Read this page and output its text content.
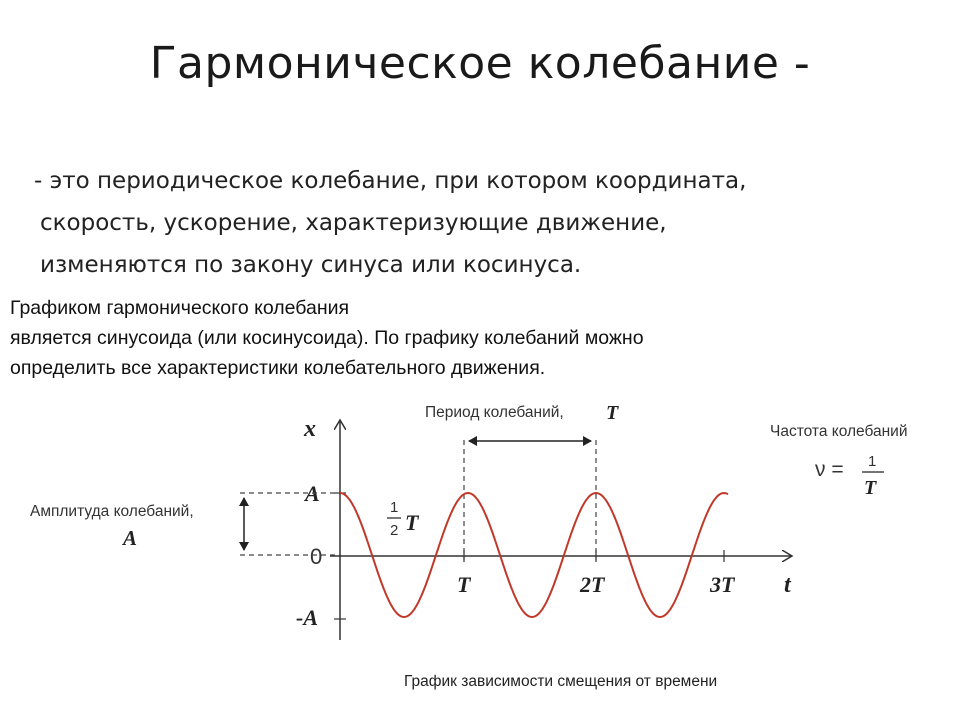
Гармоническое колебание -
- это периодическое колебание, при котором координата,
скорость, ускорение, характеризующие движение,
изменяются по закону синуса или косинуса.
Графиком гармонического колебания
является синусоида (или косинусоида). По графику колебаний можно
определить все характеристики колебательного движения.
x
t
A
0
-A
Амплитуда колебаний,
A
Период колебаний, T
1
2 T
T	2T	3T
Частота колебаний
ν = 1
T
График зависимости смещения от времени
